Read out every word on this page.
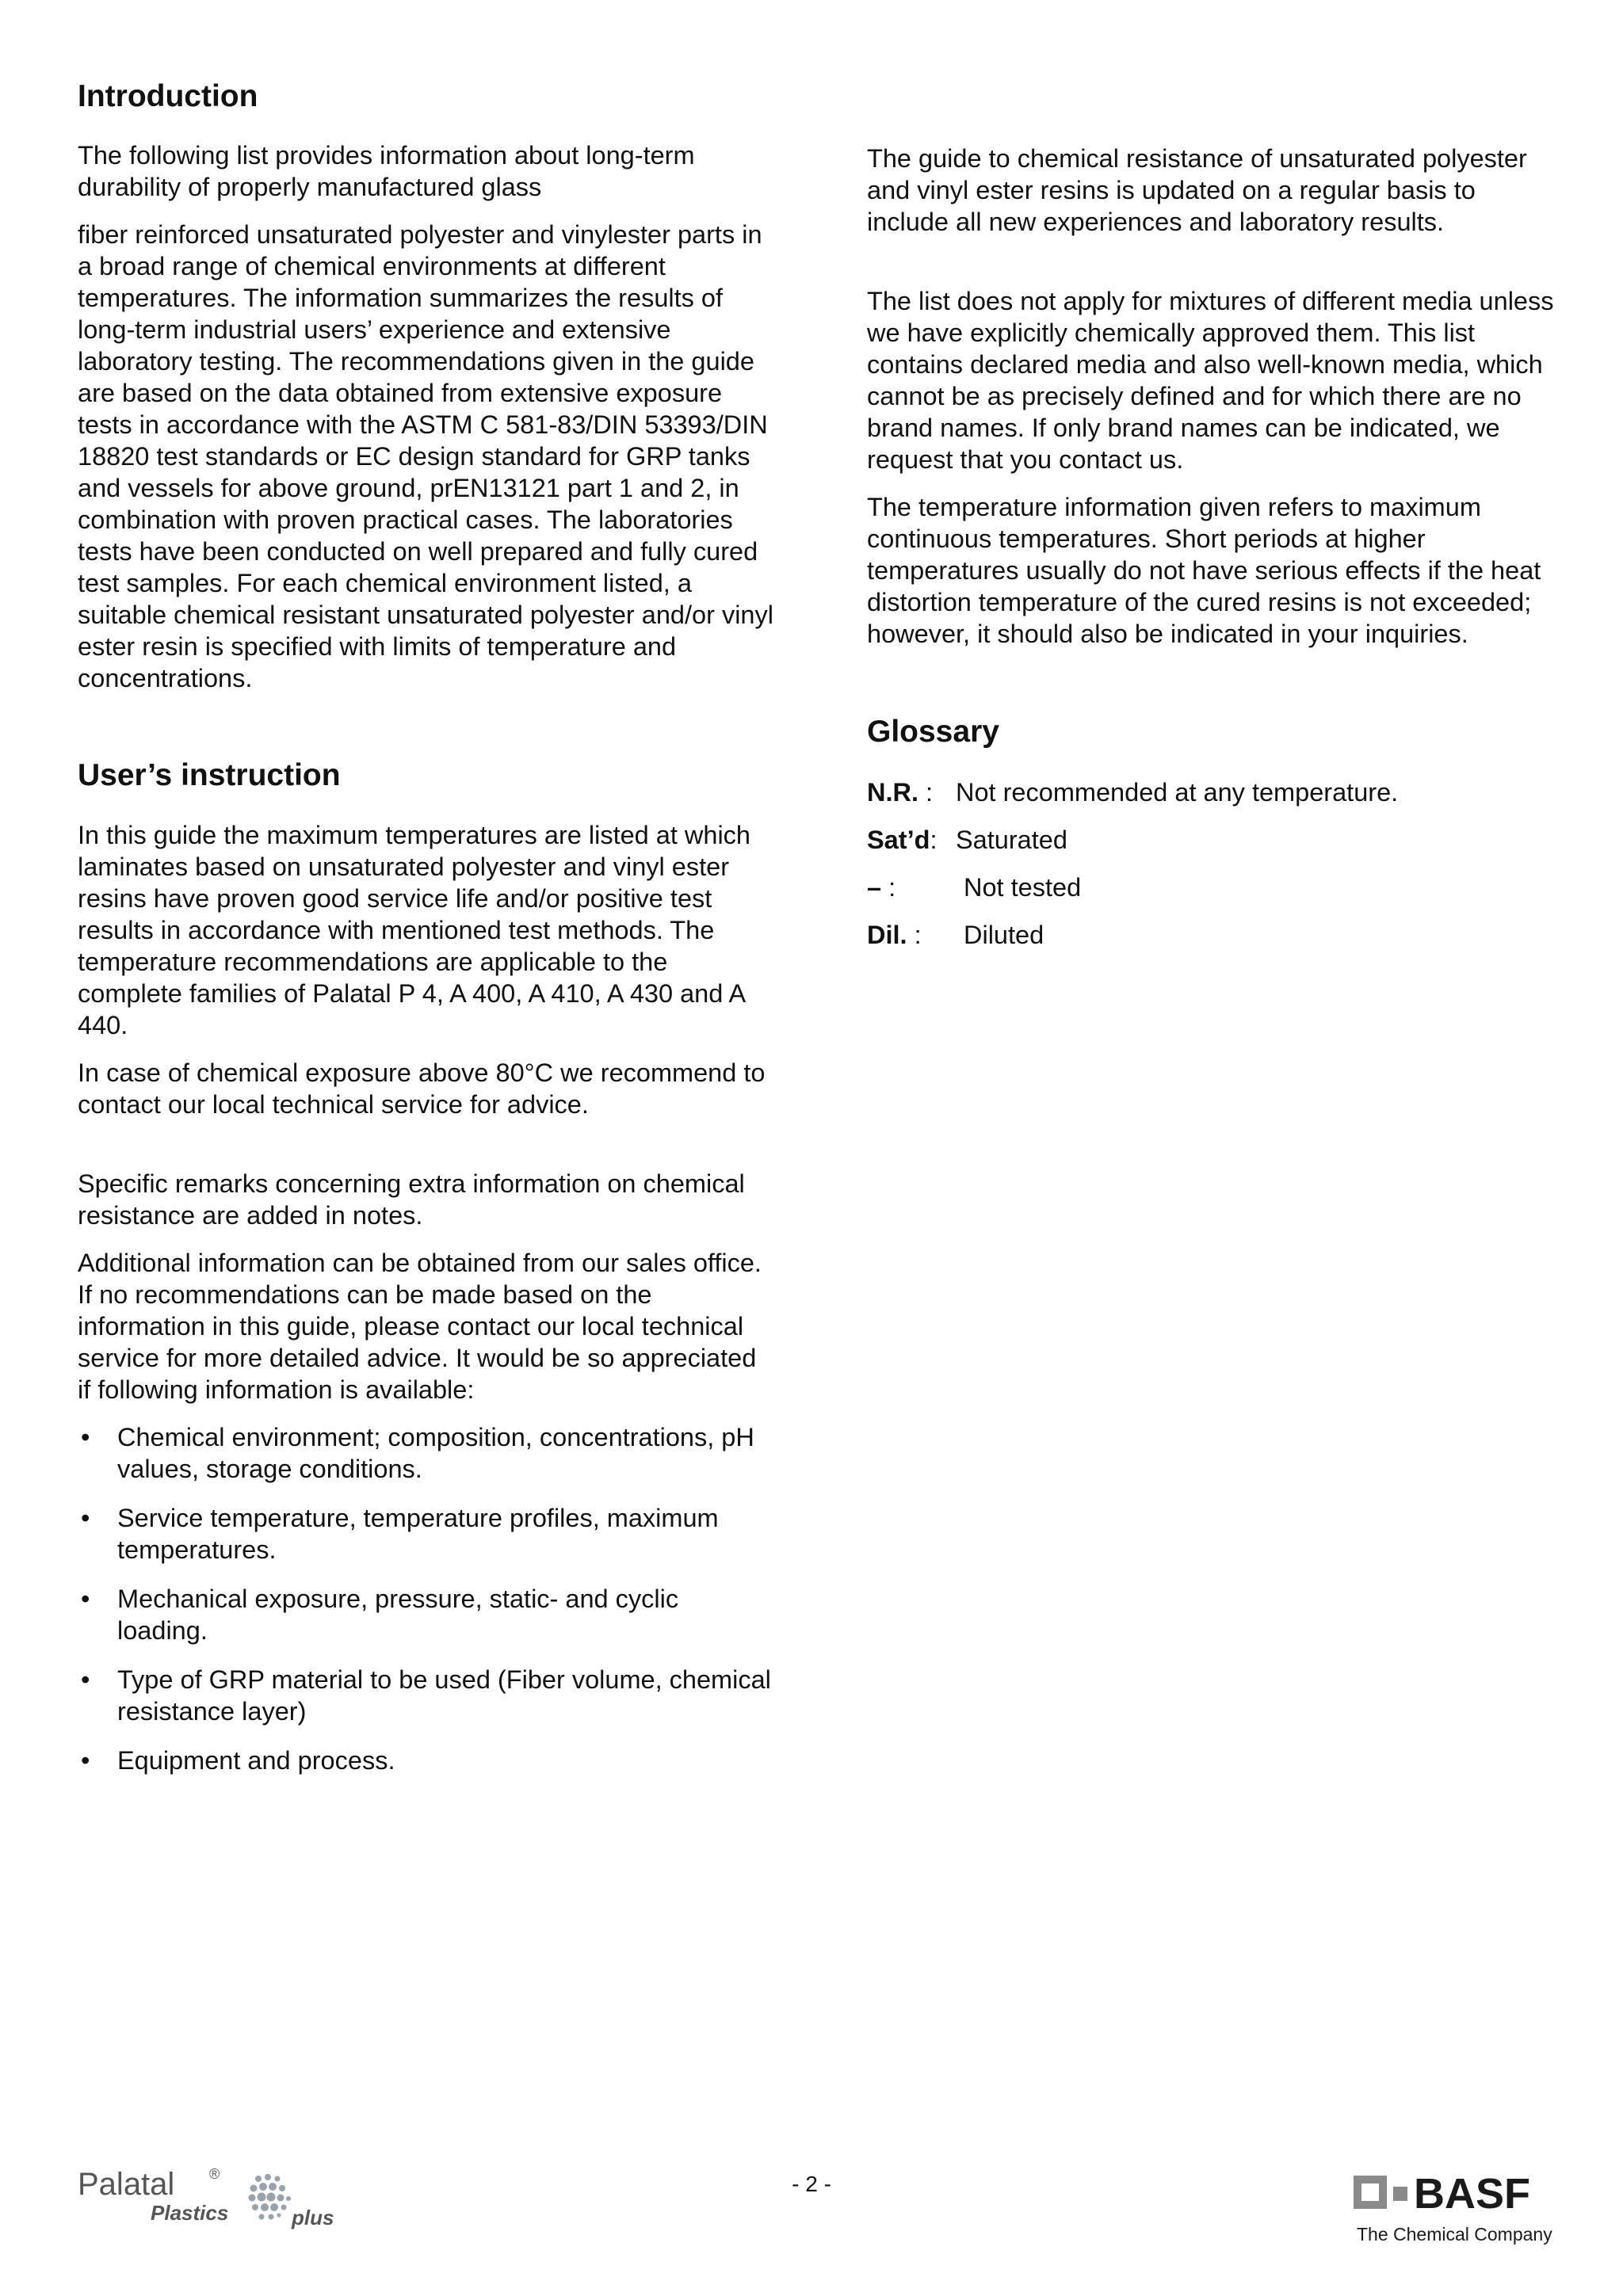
Introduction

The following list provides information about long-term durability of properly manufactured glass

fiber reinforced unsaturated polyester and vinylester parts in a broad range of chemical environments at different temperatures. The information summarizes the results of long-term industrial users’ experience and extensive laboratory testing. The recommendations given in the guide are based on the data obtained from extensive exposure tests in accordance with the ASTM C 581-83/DIN 53393/DIN 18820 test standards or EC design standard for GRP tanks and vessels for above ground, prEN13121 part 1 and 2, in combination with proven practical cases. The laboratories tests have been conducted on well prepared and fully cured test samples. For each chemical environment listed, a suitable chemical resistant unsaturated polyester and/or vinyl ester resin is specified with limits of temperature and concentrations.

User’s instruction

In this guide the maximum temperatures are listed at which laminates based on unsaturated polyester and vinyl ester resins have proven good service life and/or positive test results in accordance with mentioned test methods. The temperature recommendations are applicable to the complete families of Palatal P 4, A 400, A 410, A 430 and A 440.

In case of chemical exposure above 80°C we recommend to contact our local technical service for advice.

Specific remarks concerning extra information on chemical resistance are added in notes.

Additional information can be obtained from our sales office. If no recommendations can be made based on the information in this guide, please contact our local technical service for more detailed advice. It would be so appreciated if following information is available:

• Chemical environment; composition, concentrations, pH values, storage conditions.
• Service temperature, temperature profiles, maximum temperatures.
• Mechanical exposure, pressure, static- and cyclic loading.
• Type of GRP material to be used (Fiber volume, chemical resistance layer)
• Equipment and process.

The guide to chemical resistance of unsaturated polyester and vinyl ester resins is updated on a regular basis to include all new experiences and laboratory results.

The list does not apply for mixtures of different media unless we have explicitly chemically approved them. This list contains declared media and also well-known media, which cannot be as precisely defined and for which there are no brand names. If only brand names can be indicated, we request that you contact us.

The temperature information given refers to maximum continuous temperatures. Short periods at higher temperatures usually do not have serious effects if the heat distortion temperature of the cured resins is not exceeded; however, it should also be indicated in your inquiries.

Glossary
N.R. : Not recommended at any temperature.
Sat’d: Saturated
– :	Not tested
Dil. : Diluted
Palatal ®
Plastics	plus
- 2 -	BASF
The Chemical Company
